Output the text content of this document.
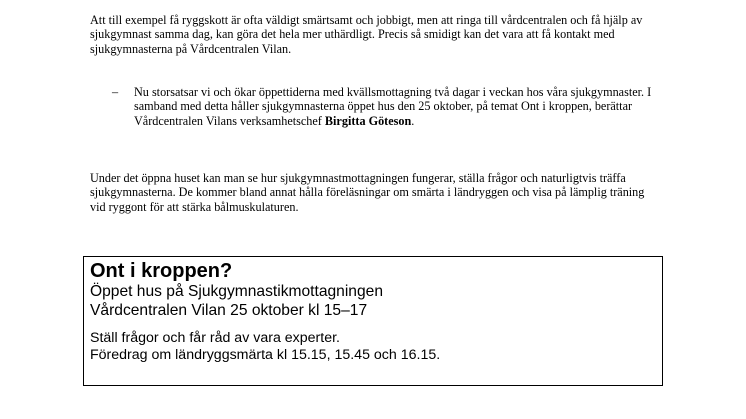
Att till exempel få ryggskott är ofta väldigt smärtsamt och jobbigt, men att ringa till vårdcentralen och få hjälp av sjukgymnast samma dag, kan göra det hela mer uthärdligt. Precis så smidigt kan det vara att få kontakt med sjukgymnasterna på Vårdcentralen Vilan.

– Nu storsatsar vi och ökar öppettiderna med kvällsmottagning två dagar i veckan hos våra sjukgymnaster. I samband med detta håller sjukgymnasterna öppet hus den 25 oktober, på temat Ont i kroppen, berättar Vårdcentralen Vilans verksamhetschef Birgitta Göteson.

Under det öppna huset kan man se hur sjukgymnastmottagningen fungerar, ställa frågor och naturligtvis träffa sjukgymnasterna. De kommer bland annat hålla föreläsningar om smärta i ländryggen och visa på lämplig träning vid ryggont för att stärka bålmuskulaturen.

Ont i kroppen?
Öppet hus på Sjukgymnastikmottagningen
Vårdcentralen Vilan 25 oktober kl 15–17
Ställ frågor och får råd av vara experter.
Föredrag om ländryggsmärta kl 15.15, 15.45 och 16.15.
